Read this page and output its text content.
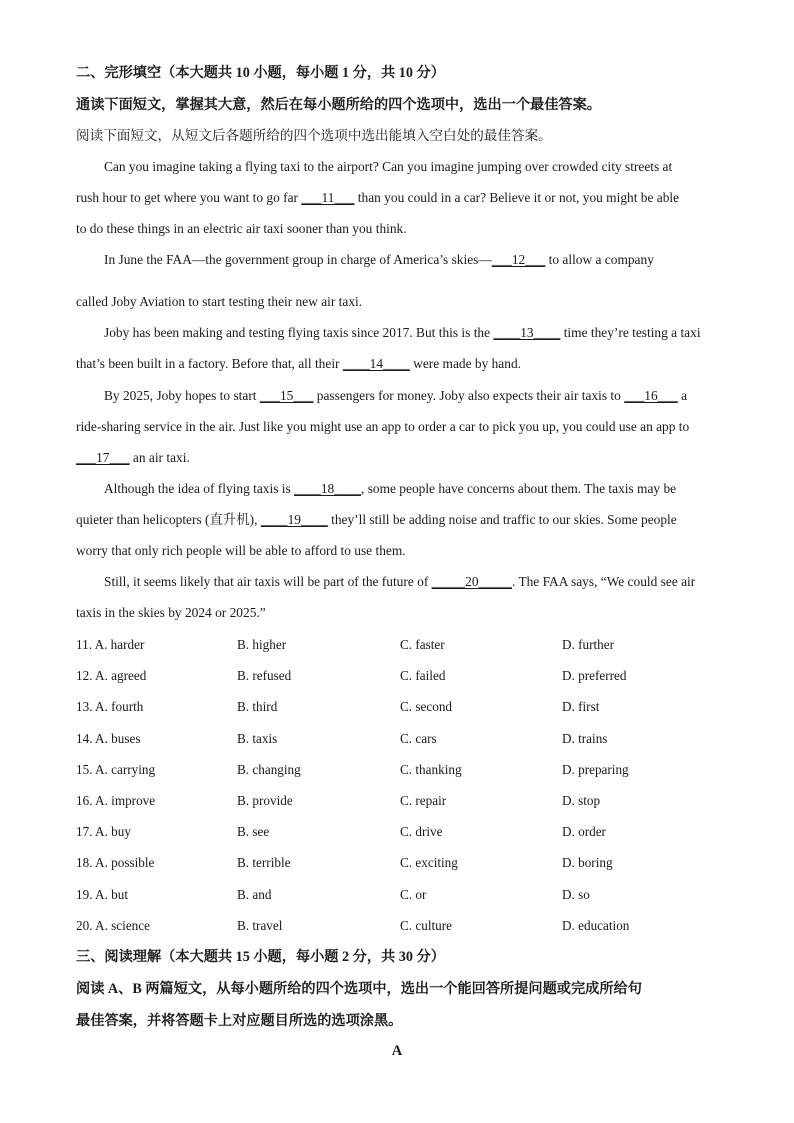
二、完形填空（本大题共 10 小题，每小题 1 分，共 10 分）
通读下面短文，掌握其大意，然后在每小题所给的四个选项中，选出一个最佳答案。
阅读下面短文，从短文后各题所给的四个选项中选出能填入空白处的最佳答案。
Can you imagine taking a flying taxi to the airport? Can you imagine jumping over crowded city streets at
rush hour to get where you want to go far ___11___ than you could in a car? Believe it or not, you might be able
to do these things in an electric air taxi sooner than you think.
In June the FAA—the government group in charge of America’s skies—___12___ to allow a company
called Joby Aviation to start testing their new air taxi.
Joby has been making and testing flying taxis since 2017. But this is the ____13____ time they’re testing a taxi
that’s been built in a factory. Before that, all their ____14____ were made by hand.
By 2025, Joby hopes to start ___15___ passengers for money. Joby also expects their air taxis to ___16___ a
ride-sharing service in the air. Just like you might use an app to order a car to pick you up, you could use an app to
___17___ an air taxi.
Although the idea of flying taxis is ____18____, some people have concerns about them. The taxis may be
quieter than helicopters (直升机), ____19____ they’ll still be adding noise and traffic to our skies. Some people
worry that only rich people will be able to afford to use them.
Still, it seems likely that air taxis will be part of the future of _____20_____. The FAA says, “We could see air
taxis in the skies by 2024 or 2025.”
11. A. harder	B. higher	C. faster	D. further
12. A. agreed	B. refused	C. failed	D. preferred
13. A. fourth	B. third	C. second	D. first
14. A. buses	B. taxis	C. cars	D. trains
15. A. carrying	B. changing	C. thanking	D. preparing
16. A. improve	B. provide	C. repair	D. stop
17. A. buy	B. see	C. drive	D. order
18. A. possible	B. terrible	C. exciting	D. boring
19. A. but	B. and	C. or	D. so
20. A. science	B. travel	C. culture	D. education
三、阅读理解（本大题共 15 小题，每小题 2 分，共 30 分）
阅读 A、B 两篇短文，从每小题所给的四个选项中，选出一个能回答所提问题或完成所给句
最佳答案，并将答题卡上对应题目所选的选项涂黑。
A
